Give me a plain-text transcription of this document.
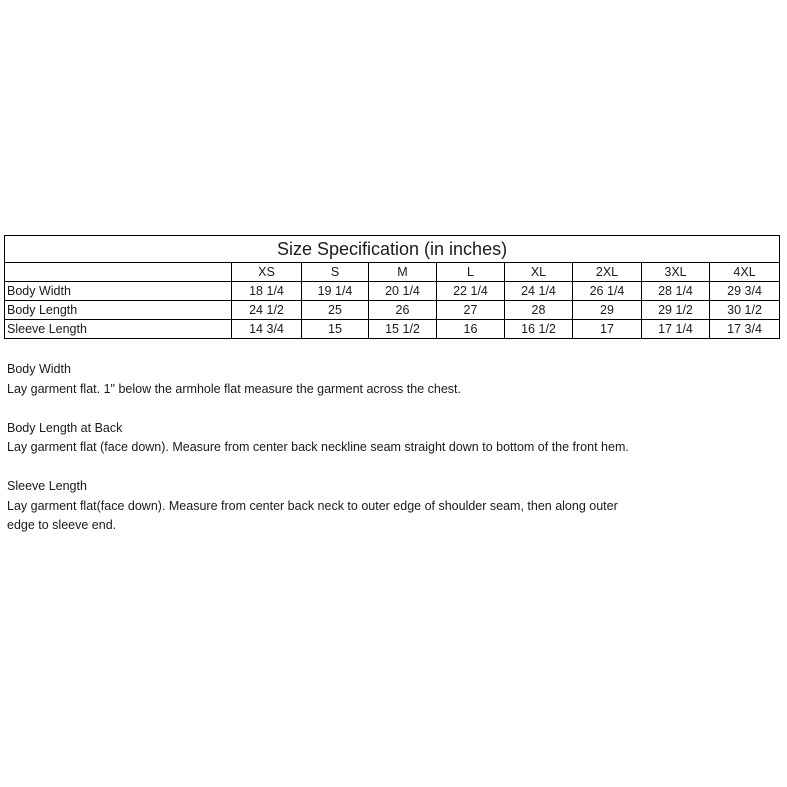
Size Specification (in inches)								
	XS	S	M	L	XL	2XL	3XL	4XL
Body Width	18 1/4	19 1/4	20 1/4	22 1/4	24 1/4	26 1/4	28 1/4	29 3/4
Body Length	24 1/2	25	26	27	28	29	29 1/2	30 1/2
Sleeve Length	14 3/4	15	15 1/2	16	16 1/2	17	17 1/4	17 3/4

Body Width

Lay garment flat. 1" below the armhole flat measure the garment across the chest.

Body Length at Back

Lay garment flat (face down). Measure from center back neckline seam straight down to bottom of the front hem.

Sleeve Length

Lay garment flat(face down). Measure from center back neck to outer edge of shoulder seam, then along outer edge to sleeve end.
